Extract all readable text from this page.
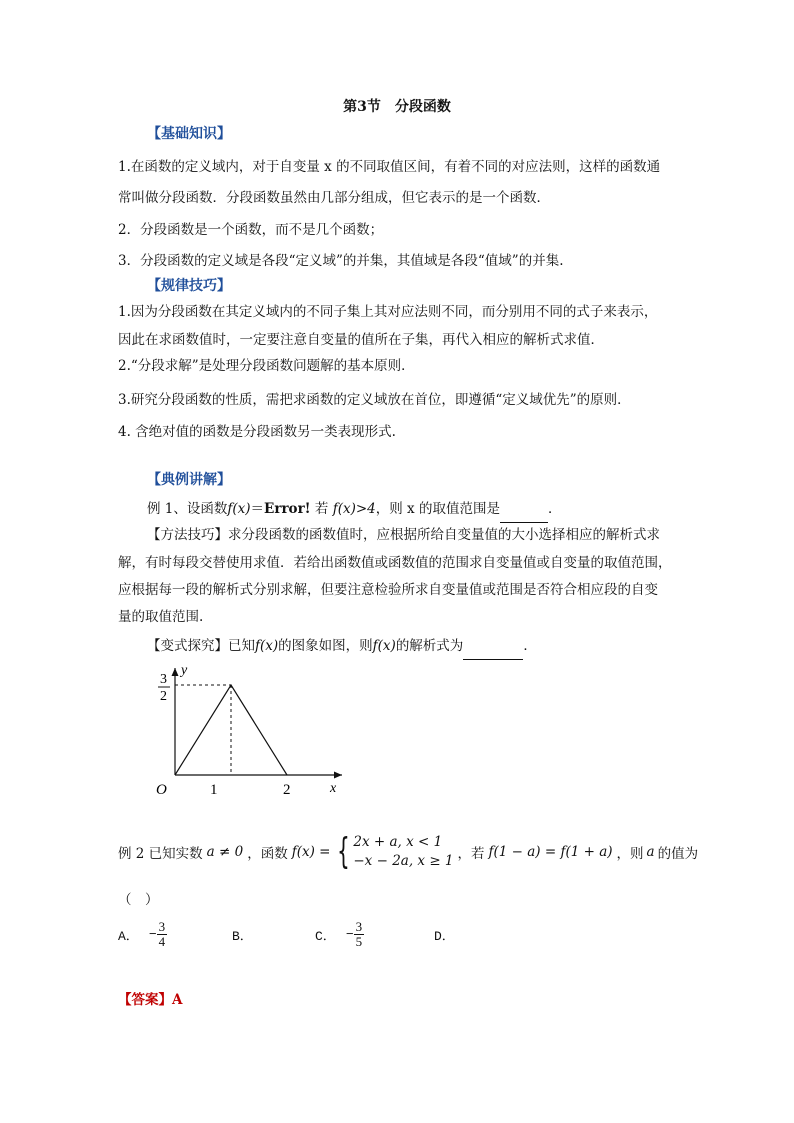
第3节　分段函数
【基础知识】
1.在函数的定义域内，对于自变量 x 的不同取值区间，有着不同的对应法则，这样的函数通
常叫做分段函数．分段函数虽然由几部分组成，但它表示的是一个函数．
2．分段函数是一个函数，而不是几个函数；
3．分段函数的定义域是各段“定义域”的并集，其值域是各段“值域”的并集.
【规律技巧】
1.因为分段函数在其定义域内的不同子集上其对应法则不同，而分别用不同的式子来表示，
因此在求函数值时，一定要注意自变量的值所在子集，再代入相应的解析式求值．
2.“分段求解”是处理分段函数问题解的基本原则．
3.研究分段函数的性质，需把求函数的定义域放在首位，即遵循“定义域优先”的原则．
4. 含绝对值的函数是分段函数另一类表现形式.
【典例讲解】
例 1、设函数f(x)＝Error! 若 f(x)>4，则 x 的取值范围是	．
【方法技巧】求分段函数的函数值时，应根据所给自变量值的大小选择相应的解析式求
解，有时每段交替使用求值．若给出函数值或函数值的范围求自变量值或自变量的取值范围，
应根据每一段的解析式分别求解，但要注意检验所求自变量值或范围是否符合相应段的自变
量的取值范围.
【变式探究】已知f(x)的图象如图，则f(x)的解析式为	．
y
x
O
3
2
1	2
例 2 已知实数 a ≠ 0 ，函数 f(x) = { 2x + a, x < 1
−x − 2a, x ≥ 1 ，若 f(1 − a) = f(1 + a) ，则 a 的值为
（　）
A． − $\frac{3}{4}$	B．	C． − $\frac{3}{5}$	D．
【答案】A
